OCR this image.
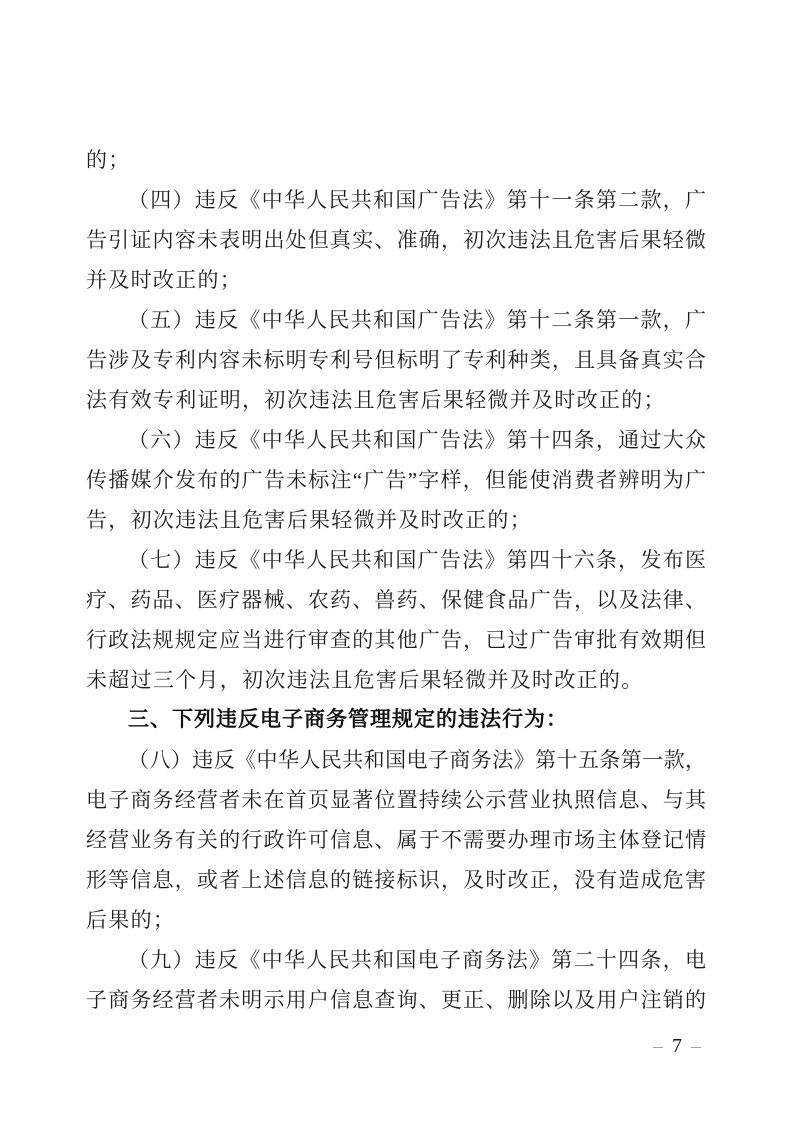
的；
（四）违反《中华人民共和国广告法》第十一条第二款，广
告引证内容未表明出处但真实、准确，初次违法且危害后果轻微
并及时改正的；
（五）违反《中华人民共和国广告法》第十二条第一款，广
告涉及专利内容未标明专利号但标明了专利种类，且具备真实合
法有效专利证明，初次违法且危害后果轻微并及时改正的；
（六）违反《中华人民共和国广告法》第十四条，通过大众
传播媒介发布的广告未标注“广告”字样，但能使消费者辨明为广
告，初次违法且危害后果轻微并及时改正的；
（七）违反《中华人民共和国广告法》第四十六条，发布医
疗、药品、医疗器械、农药、兽药、保健食品广告，以及法律、
行政法规规定应当进行审查的其他广告，已过广告审批有效期但
未超过三个月，初次违法且危害后果轻微并及时改正的。
三、下列违反电子商务管理规定的违法行为：
（八）违反《中华人民共和国电子商务法》第十五条第一款，
电子商务经营者未在首页显著位置持续公示营业执照信息、与其
经营业务有关的行政许可信息、属于不需要办理市场主体登记情
形等信息，或者上述信息的链接标识，及时改正，没有造成危害
后果的；
（九）违反《中华人民共和国电子商务法》第二十四条，电
子商务经营者未明示用户信息查询、更正、删除以及用户注销的
– 7 –
